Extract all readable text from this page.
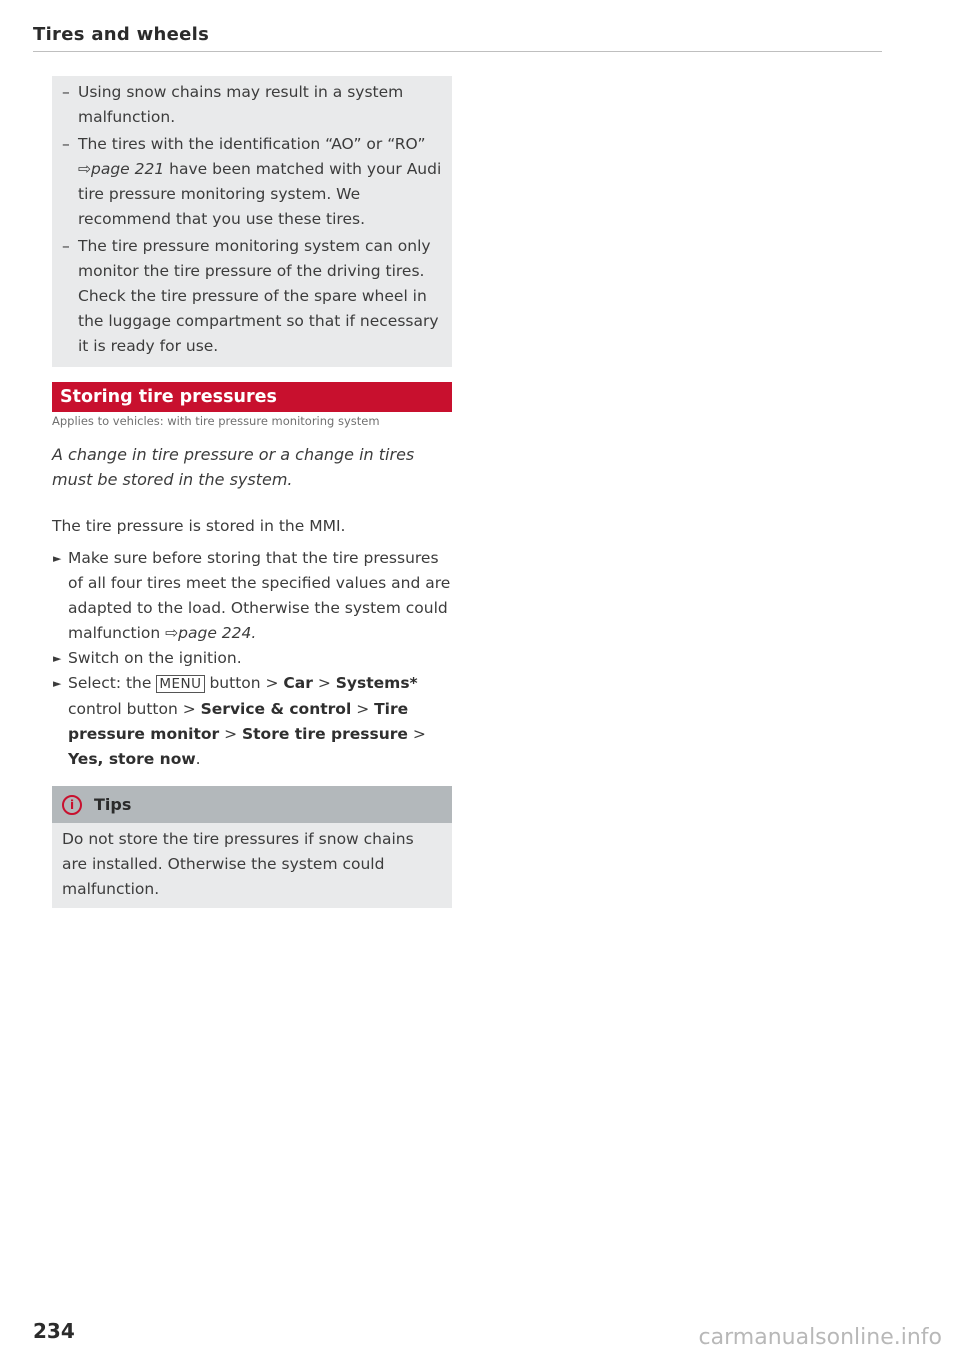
Tires and wheels
– Using snow chains may result in a system malfunction.
– The tires with the identification “AO” or “RO” ⇨page 221 have been matched with your Audi tire pressure monitoring system. We recommend that you use these tires.
– The tire pressure monitoring system can only monitor the tire pressure of the driving tires. Check the tire pressure of the spare wheel in the luggage compartment so that if necessary it is ready for use.
Storing tire pressures
Applies to vehicles: with tire pressure monitoring system
A change in tire pressure or a change in tires must be stored in the system.
The tire pressure is stored in the MMI.
► Make sure before storing that the tire pressures of all four tires meet the specified values and are adapted to the load. Otherwise the system could malfunction ⇨page 224.
► Switch on the ignition.
► Select: the MENU button > Car > Systems* control button > Service & control > Tire pressure monitor > Store tire pressure > Yes, store now.
i	Tips
Do not store the tire pressures if snow chains are installed. Otherwise the system could malfunction.
234	carmanualsonline.info
